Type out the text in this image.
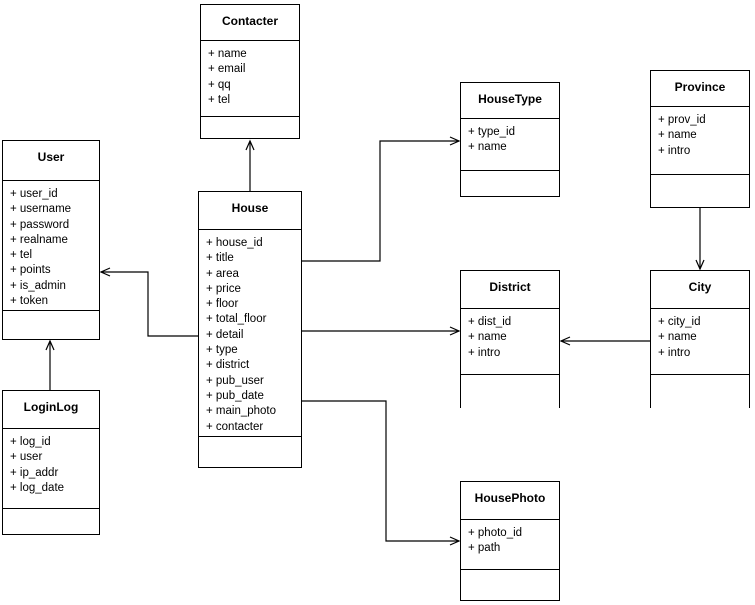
Contacter
+ name
+ email
+ qq
+ tel	HouseType
+ type_id
+ name
Province
+ prov_id
+ name
+ intro
User
+ user_id
+ username
+ password
+ realname
+ tel
+ points
+ is_admin
+ token
House
+ house_id
+ title
+ area
+ price
+ floor
+ total_floor
+ detail
+ type
+ district
+ pub_user
+ pub_date
+ main_photo
+ contacter
District
+ dist_id
+ name
+ intro
City
+ city_id
+ name
+ intro
LoginLog
+ log_id
+ user
+ ip_addr
+ log_date
HousePhoto
+ photo_id
+ path
